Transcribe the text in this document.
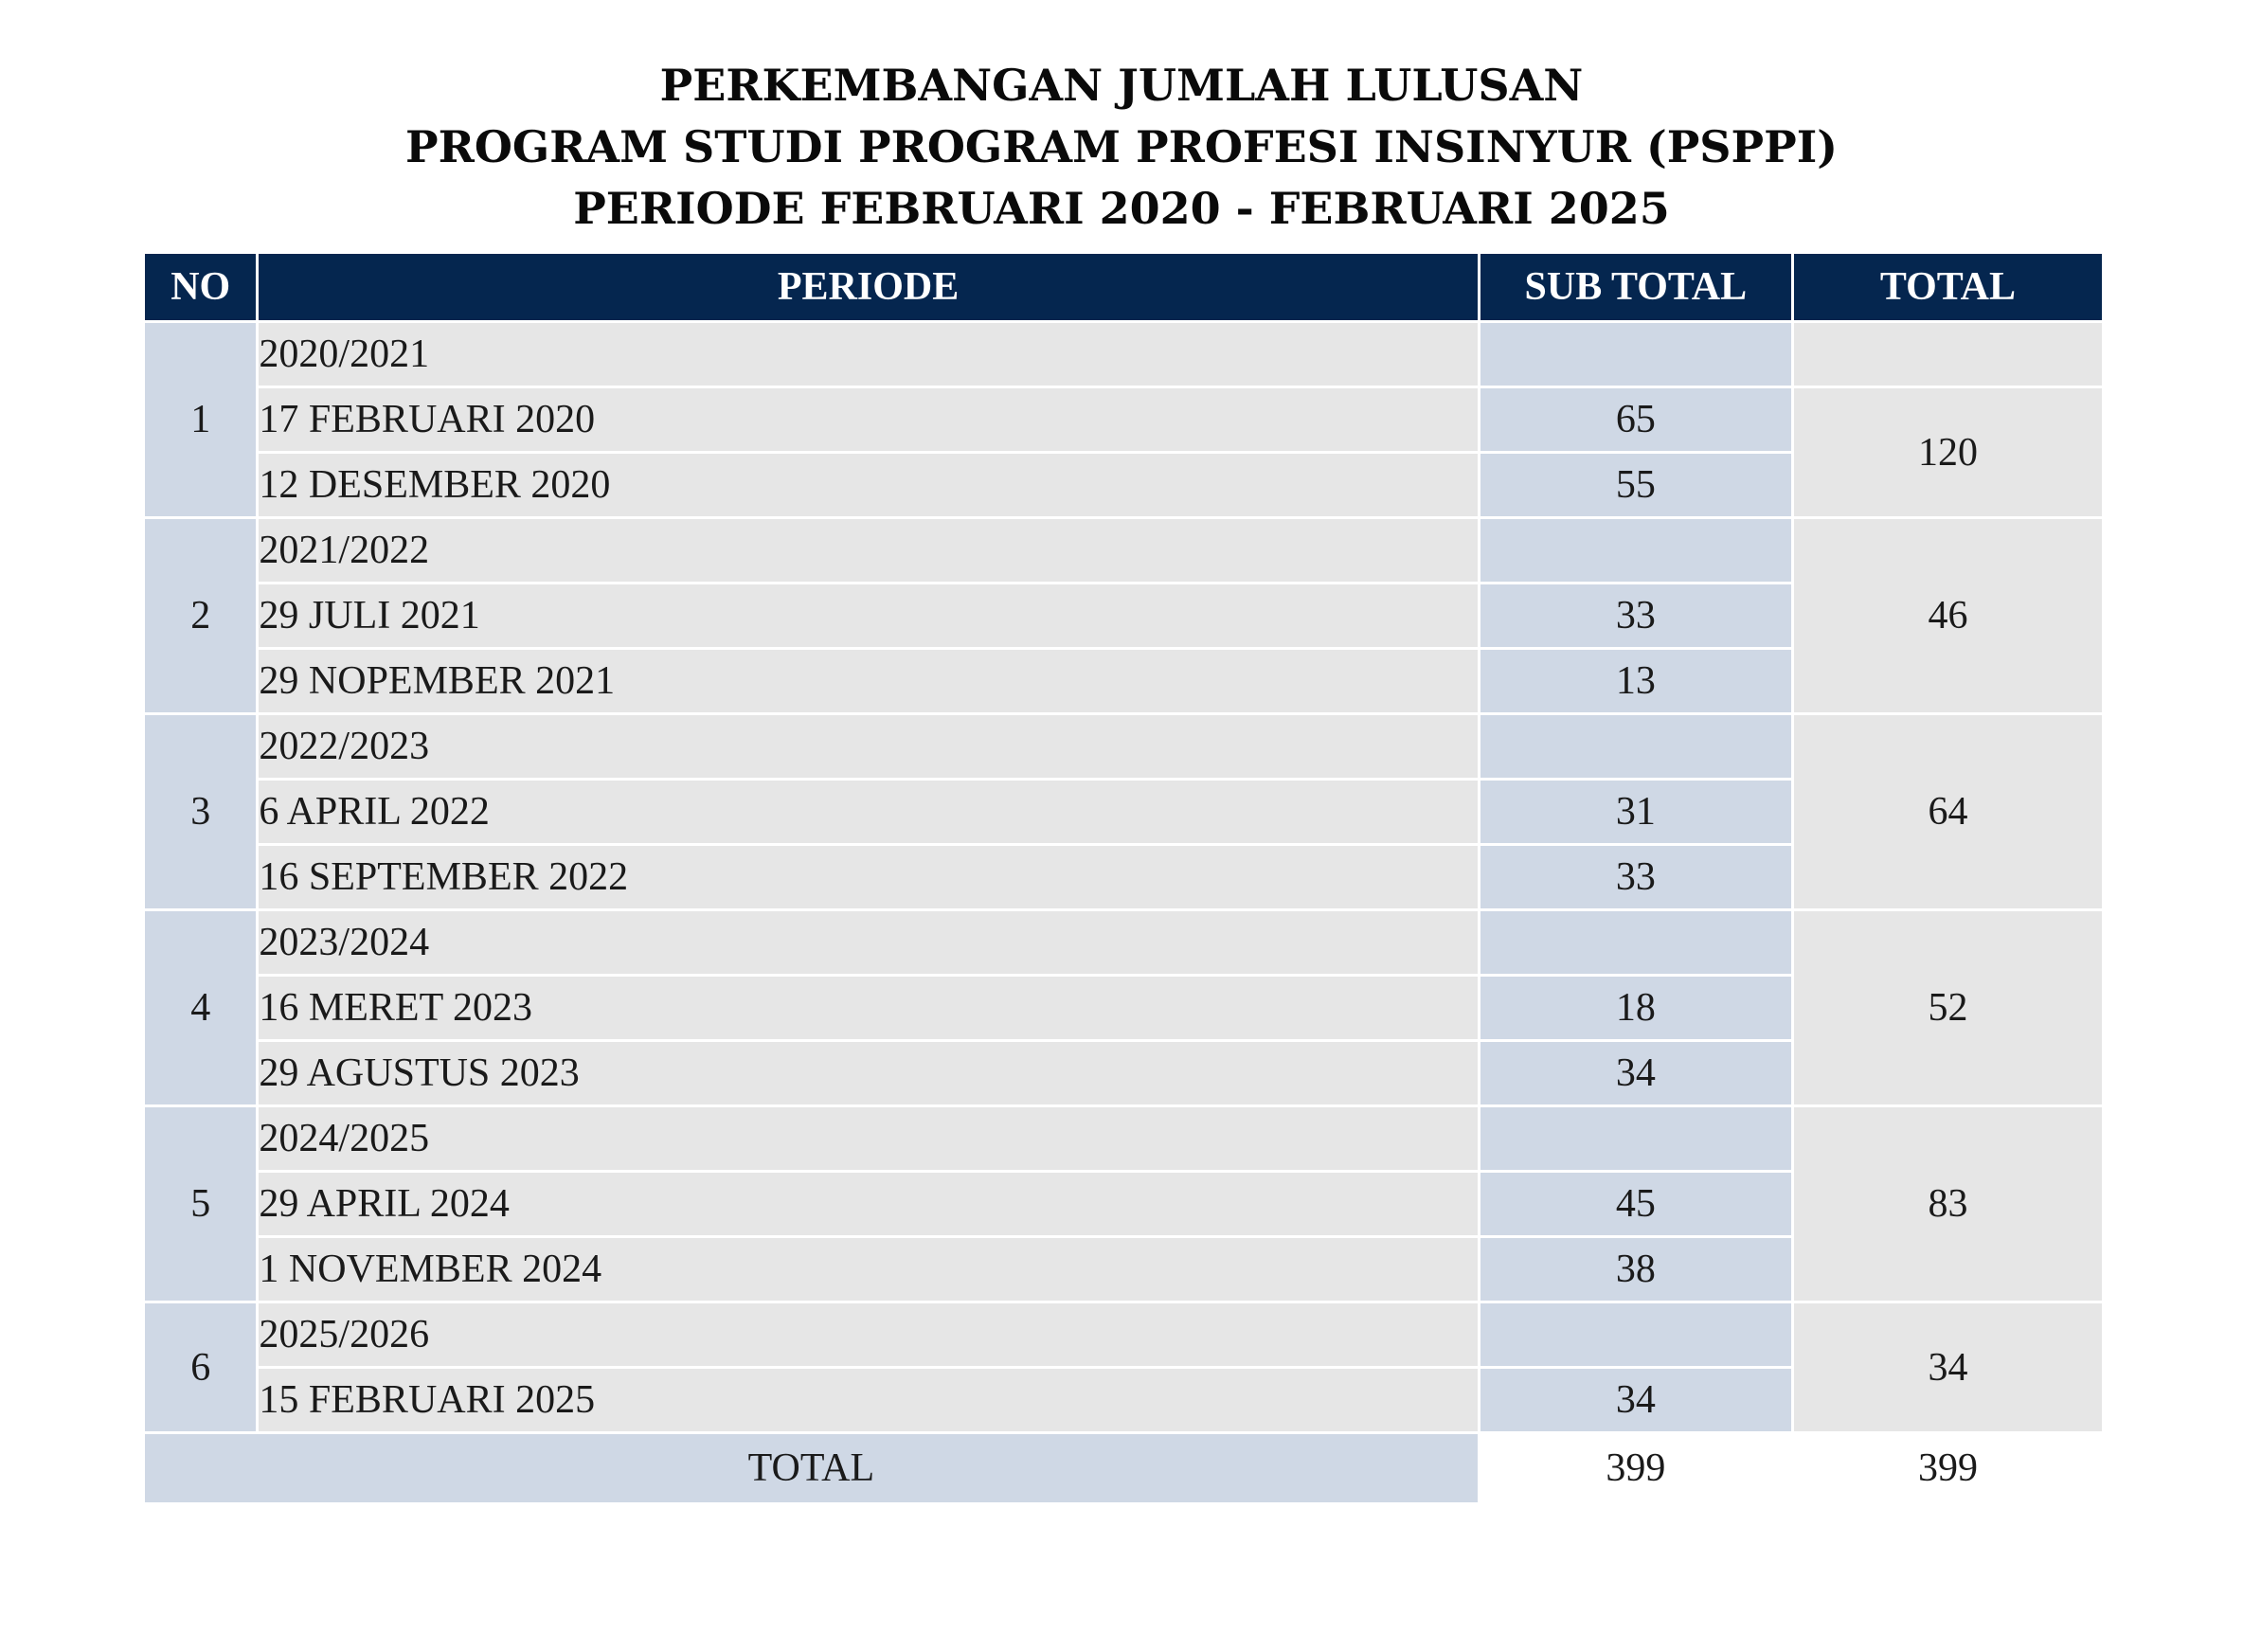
PERKEMBANGAN JUMLAH LULUSAN
PROGRAM STUDI PROGRAM PROFESI INSINYUR (PSPPI)
PERIODE FEBRUARI 2020 - FEBRUARI 2025
NO	PERIODE	SUB TOTAL	TOTAL
1	2020/2021		
	17 FEBRUARI 2020	65	120
	12 DESEMBER 2020	55	
2	2021/2022		46
	29 JULI 2021	33	
	29 NOPEMBER 2021	13	
3	2022/2023		64
	6 APRIL 2022	31	
	16 SEPTEMBER 2022	33	
4	2023/2024		52
	16 MERET 2023	18	
	29 AGUSTUS 2023	34	
5	2024/2025		83
	29 APRIL 2024	45	
	1 NOVEMBER 2024	38	
6	2025/2026		34
	15 FEBRUARI 2025	34	
TOTAL		399	399
